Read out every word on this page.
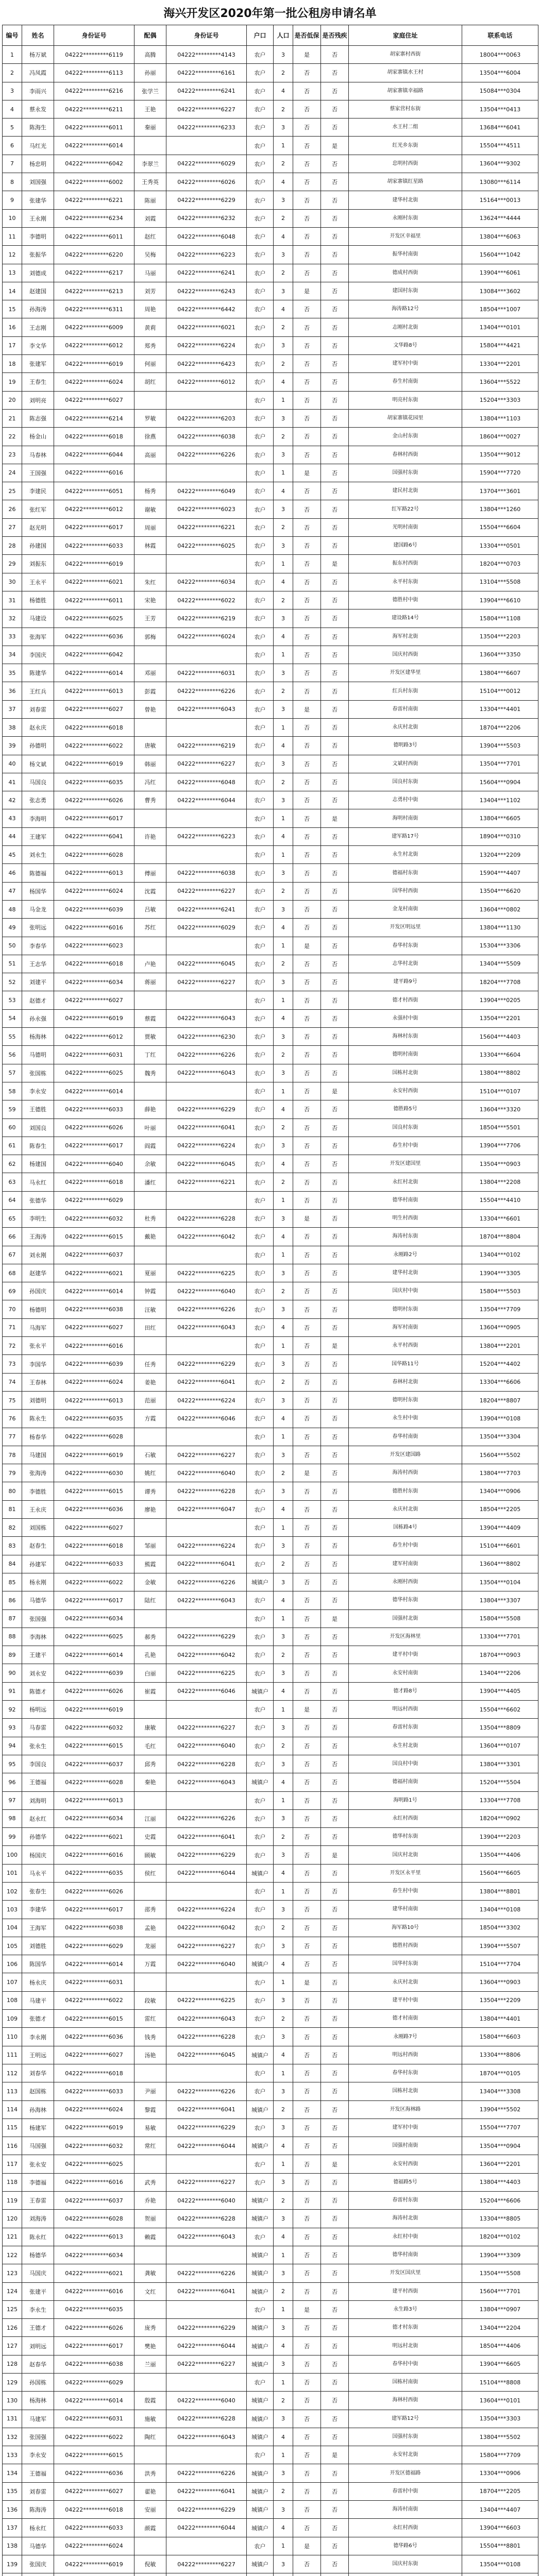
海兴开发区2020年第一批公租房申请名单
编号	姓名	身份证号	配偶	身份证号	户口	人口	是否低保	是否残疾	家庭住址	联系电话
1	杨万斌	04222*********6119	高腾	04222*********4143	农户	3	是	否	胡家寨村西街	18004***0063
2	冯凤霞	04222*********6113	孙丽	04222*********6161	农户	2	否	否	胡家寨镇水王村	13504***6004
3	李雨兴	04222*********6216	张学兰	04222*********6241	农户	4	否	否	胡家寨镇幸福路	15084***0304
4	蔡永发	04222*********6211	王艳	04222*********6227	农户	2	否	否	蔡家营村东街	13504***0413
5	陈海生	04222*********6011	秦丽	04222*********6233	农户	3	否	否	水王村二组	13684***6041
6	马红光	04222*********6014			农户	1	否	是	红光乡东街	15504***4511
7	杨忠明	04222*********6042	李翠兰	04222*********6029	农户	2	否	否	忠明村西街	13604***9302
8	刘国强	04222*********6002	王秀英	04222*********6026	农户	4	否	否	胡家寨镇红星路	13080***6114
9	张建华	04222*********6221	陈丽	04222*********6229	农户	3	否	否	建华村北街	15164***0013
10	王永刚	04222*********6234	刘霞	04222*********6232	农户	2	否	否	永刚村东街	13624***4444
11	李德明	04222*********6011	赵红	04222*********6048	农户	4	否	否	开发区幸福里	13804***6063
12	张振华	04222*********6220	吴梅	04222*********6223	农户	3	否	否	振华村南街	15604***1042
13	刘德成	04222*********6217	马丽	04222*********6241	农户	2	否	否	德成村西街	13904***6061
14	赵建国	04222*********6213	刘芳	04222*********6243	农户	3	是	否	建国村东街	13084***3602
15	孙海涛	04222*********6311	周艳	04222*********6442	农户	4	否	否	海涛路12号	18504***1007
16	王志刚	04222*********6009	黄莉	04222*********6021	农户	2	否	否	志刚村北街	13404***0101
17	李文华	04222*********6012	郑秀	04222*********6224	农户	3	否	否	文华路8号	15804***4421
18	张建军	04222*********6019	何丽	04222*********6423	农户	2	否	否	建军村中街	13304***2201
19	王春生	04222*********6024	胡红	04222*********6012	农户	4	否	否	春生村南街	13604***5522
20	刘明亮	04222*********6027			农户	1	否	否	明亮村东街	15204***3303
21	陈志强	04222*********6214	罗敏	04222*********6203	农户	3	否	否	胡家寨镇花园里	13804***1103
22	杨金山	04222*********6018	徐燕	04222*********6038	农户	2	否	否	金山村东街	18604***0027
23	马春林	04222*********6044	高丽	04222*********6226	农户	3	否	否	春林村西街	13504***9012
24	王国强	04222*********6016			农户	1	是	否	国强村东街	15904***7720
25	李建民	04222*********6051	杨秀	04222*********6049	农户	4	否	否	建民村北街	13704***3601
26	张红军	04222*********6012	谢敏	04222*********6023	农户	3	否	否	红军路22号	13804***1260
27	赵光明	04222*********6017	周丽	04222*********6221	农户	2	否	否	光明村南街	15504***6604
28	孙建国	04222*********6033	林霞	04222*********6025	农户	3	否	否	建国路6号	13304***0501
29	刘振东	04222*********6019			农户	1	否	是	振东村西街	18204***0703
30	王永平	04222*********6021	朱红	04222*********6034	农户	4	否	否	永平村东街	13104***5508
31	杨德胜	04222*********6011	宋艳	04222*********6022	农户	2	否	否	德胜村中街	13904***6610
32	马建设	04222*********6025	王芳	04222*********6219	农户	3	否	否	建设路14号	15804***1108
33	张海军	04222*********6036	郭梅	04222*********6024	农户	4	否	否	海军村北街	13504***2203
34	李国庆	04222*********6042			农户	1	否	否	国庆村西街	13604***3350
35	陈建华	04222*********6014	邓丽	04222*********6031	农户	3	否	否	开发区建华里	13804***6607
36	王红兵	04222*********6013	彭霞	04222*********6226	农户	2	否	否	红兵村东街	15104***0012
37	刘春雷	04222*********6027	曾艳	04222*********6043	农户	3	是	否	春雷村南街	13304***4401
38	赵永庆	04222*********6018			农户	1	否	否	永庆村北街	18704***2206
39	孙德明	04222*********6022	唐敏	04222*********6219	农户	4	否	否	德明路3号	13904***5503
40	杨文斌	04222*********6019	韩丽	04222*********6227	农户	3	否	否	文斌村西街	13504***7701
41	马国良	04222*********6035	冯红	04222*********6048	农户	2	否	否	国良村东街	15604***0904
42	张志勇	04222*********6026	曹秀	04222*********6044	农户	3	否	否	志勇村中街	13404***1102
43	李海明	04222*********6017			农户	1	否	是	海明村南街	13804***6605
44	王建军	04222*********6041	许艳	04222*********6223	农户	4	否	否	建军路17号	18904***0310
45	刘永生	04222*********6028			农户	1	否	否	永生村北街	13204***2209
46	陈德福	04222*********6013	傅丽	04222*********6038	农户	3	否	否	德福村东街	15904***4407
47	杨国华	04222*********6024	沈霞	04222*********6227	农户	2	否	否	国华村西街	13504***6620
48	马金龙	04222*********6039	吕敏	04222*********6241	农户	3	否	否	金龙村南街	13604***0802
49	张明远	04222*********6016	苏红	04222*********6029	农户	4	否	否	开发区明远里	13804***1130
50	李春华	04222*********6023			农户	1	是	否	春华村东街	15304***3306
51	王志华	04222*********6018	卢艳	04222*********6045	农户	2	否	否	志华村北街	13404***5509
52	刘建平	04222*********6034	蒋丽	04222*********6227	农户	3	否	否	建平路9号	18204***7708
53	赵德才	04222*********6027			农户	1	否	否	德才村西街	13904***0205
54	孙永强	04222*********6019	蔡霞	04222*********6043	农户	4	否	否	永强村中街	13504***2201
55	杨海林	04222*********6012	贾敏	04222*********6230	农户	3	否	否	海林村东街	15604***4403
56	马德明	04222*********6031	丁红	04222*********6226	农户	2	否	否	德明村南街	13304***6604
57	张国栋	04222*********6025	魏秀	04222*********6043	农户	3	否	否	国栋村北街	13804***8802
58	李永安	04222*********6014			农户	1	否	是	永安村西街	15104***0107
59	王德胜	04222*********6033	薛艳	04222*********6229	农户	4	否	否	德胜路5号	13604***3320
60	刘国良	04222*********6026	叶丽	04222*********6041	农户	2	否	否	国良村东街	18504***5501
61	陈春生	04222*********6017	阎霞	04222*********6224	农户	3	否	否	春生村中街	13904***7706
62	杨建国	04222*********6040	余敏	04222*********6045	农户	4	否	否	开发区建国里	13504***0903
63	马永红	04222*********6018	潘红	04222*********6221	农户	2	否	否	永红村北街	13804***2208
64	张德华	04222*********6029			农户	1	否	否	德华村南街	15504***4410
65	李明生	04222*********6032	杜秀	04222*********6228	农户	3	是	否	明生村西街	13304***6601
66	王海涛	04222*********6015	戴艳	04222*********6042	农户	4	否	否	海涛村东街	18704***8804
67	刘永刚	04222*********6037			农户	1	否	否	永刚路2号	13404***0102
68	赵建华	04222*********6021	夏丽	04222*********6225	农户	3	否	否	建华村北街	13904***3305
69	孙国庆	04222*********6014	钟霞	04222*********6040	农户	2	否	否	国庆村中街	15804***5503
70	杨德明	04222*********6038	汪敏	04222*********6226	农户	3	否	否	德明村东街	13504***7709
71	马海军	04222*********6027	田红	04222*********6043	农户	4	否	否	海军村南街	13604***0905
72	张永平	04222*********6016			农户	1	否	是	永平村西街	13804***2201
73	李国华	04222*********6039	任秀	04222*********6229	农户	3	否	否	国华路11号	15204***4402
74	王春林	04222*********6024	姜艳	04222*********6041	农户	2	否	否	春林村北街	13304***6606
75	刘德明	04222*********6013	范丽	04222*********6224	农户	3	否	否	德明村东街	18204***8807
76	陈永生	04222*********6035	方霞	04222*********6046	农户	4	否	否	永生村中街	13904***0108
77	杨春华	04222*********6028			农户	1	否	否	春华村南街	13504***3304
78	马建国	04222*********6019	石敏	04222*********6227	农户	3	否	否	开发区建国路	15604***5502
79	张海涛	04222*********6030	姚红	04222*********6040	农户	2	是	否	海涛村西街	13804***7703
80	李德胜	04222*********6015	谭秀	04222*********6228	农户	3	否	否	德胜村东街	13404***0906
81	王永庆	04222*********6036	廖艳	04222*********6047	农户	4	否	否	永庆村北街	18504***2205
82	刘国栋	04222*********6027			农户	1	否	否	国栋路4号	13904***4409
83	赵春生	04222*********6018	邹丽	04222*********6224	农户	3	否	否	春生村中街	15104***6601
84	孙建军	04222*********6033	熊霞	04222*********6041	农户	2	否	否	建军村南街	13604***8802
85	杨永刚	04222*********6022	金敏	04222*********6226	城镇户	3	否	否	永刚村西街	13504***0104
86	马德华	04222*********6017	陆红	04222*********6043	农户	4	否	否	德华村东街	13804***3307
87	张国强	04222*********6034			农户	1	否	是	国强村北街	15804***5508
88	李海林	04222*********6025	郝秀	04222*********6229	农户	3	否	否	开发区海林里	13304***7701
89	王建平	04222*********6014	孔艳	04222*********6042	农户	2	否	否	建平村中街	18704***0903
90	刘永安	04222*********6039	白丽	04222*********6225	农户	3	否	否	永安村南街	13404***2206
91	陈德才	04222*********6026	崔霞	04222*********6046	城镇户	4	否	否	德才路8号	13904***4405
92	杨明远	04222*********6019			农户	1	是	否	明远村西街	15504***6602
93	马春雷	04222*********6032	康敏	04222*********6227	农户	3	否	否	春雷村东街	13504***8809
94	张永生	04222*********6015	毛红	04222*********6040	农户	2	否	否	永生村北街	13604***0107
95	李国良	04222*********6037	邱秀	04222*********6228	农户	3	否	否	国良村中街	13804***3301
96	王德福	04222*********6028	秦艳	04222*********6043	城镇户	4	否	否	德福村南街	15204***5504
97	刘海明	04222*********6013			农户	1	否	否	海明路1号	13304***7708
98	赵永红	04222*********6034	江丽	04222*********6226	农户	3	否	否	永红村西街	18204***0902
99	孙德华	04222*********6021	史霞	04222*********6041	农户	2	否	否	德华村东街	13904***2203
100	杨国庆	04222*********6016	顾敏	04222*********6229	农户	3	否	是	国庆村北街	13504***4406
101	马永平	04222*********6035	侯红	04222*********6044	城镇户	4	否	否	开发区永平里	15604***6605
102	张春生	04222*********6026			农户	1	否	否	春生村中街	13804***8801
103	李建华	04222*********6017	邵秀	04222*********6224	农户	3	否	否	建华村南街	13404***0108
104	王海军	04222*********6038	孟艳	04222*********6042	农户	2	否	否	海军路10号	18504***3302
105	刘德胜	04222*********6029	龙丽	04222*********6227	农户	3	否	否	德胜村西街	13904***5507
106	陈国华	04222*********6014	万霞	04222*********6040	城镇户	4	否	否	国华村东街	15104***7704
107	杨永庆	04222*********6031			农户	1	是	否	永庆村北街	13604***0903
108	马建平	04222*********6022	段敏	04222*********6225	农户	3	否	否	建平村中街	13504***2209
109	张德才	04222*********6015	雷红	04222*********6043	农户	2	否	否	德才村南街	13804***4401
110	李永刚	04222*********6036	钱秀	04222*********6228	农户	3	否	否	永刚路7号	15804***6603
111	王明远	04222*********6027	汤艳	04222*********6045	城镇户	4	否	否	明远村西街	13304***8806
112	刘春华	04222*********6018			农户	1	否	否	春华村东街	18704***0105
113	赵国栋	04222*********6033	尹丽	04222*********6226	农户	3	否	否	国栋村北街	13404***3308
114	孙海林	04222*********6024	黎霞	04222*********6041	城镇户	2	否	否	开发区海林路	13904***5502
115	杨建军	04222*********6019	易敏	04222*********6229	农户	3	否	否	建军村中街	15504***7707
116	马国强	04222*********6032	常红	04222*********6044	城镇户	4	否	否	国强村南街	13504***0904
117	张永安	04222*********6025			农户	1	否	是	永安村西街	13604***2201
118	李德福	04222*********6016	武秀	04222*********6227	农户	3	否	否	德福路5号	13804***4403
119	王春雷	04222*********6037	乔艳	04222*********6040	城镇户	2	否	否	春雷村东街	15204***6606
120	刘海涛	04222*********6028	贺丽	04222*********6228	城镇户	3	否	否	海涛村北街	13304***8805
121	陈永红	04222*********6013	赖霞	04222*********6043	农户	4	否	否	永红村中街	18204***0102
122	杨德华	04222*********6034			城镇户	1	否	否	德华村南街	13904***3309
123	马国庆	04222*********6021	龚敏	04222*********6226	城镇户	3	否	否	开发区国庆里	13504***5508
124	张建平	04222*********6016	文红	04222*********6041	城镇户	2	否	否	建平村西街	15604***7701
125	李永生	04222*********6035			农户	1	是	否	永生路3号	13804***0907
126	王德才	04222*********6026	庞秀	04222*********6229	城镇户	3	否	否	德才村东街	13404***2204
127	刘明远	04222*********6017	樊艳	04222*********6044	城镇户	4	否	否	明远村北街	18504***4406
128	赵春华	04222*********6038	兰丽	04222*********6227	城镇户	3	否	否	春华村中街	13904***6605
129	孙国栋	04222*********6029			农户	1	否	否	国栋村南街	15104***8808
130	杨海林	04222*********6014	殷霞	04222*********6040	城镇户	2	否	否	海林村西街	13604***0101
131	马建军	04222*********6031	施敏	04222*********6228	城镇户	3	否	否	建军路12号	13504***3303
132	张国强	04222*********6022	陶红	04222*********6043	城镇户	4	否	否	国强村东街	13804***5502
133	李永安	04222*********6015			农户	1	否	是	永安村北街	15804***7709
134	王德福	04222*********6036	洪秀	04222*********6226	城镇户	3	否	否	开发区德福路	13304***0906
135	刘春雷	04222*********6027	翟艳	04222*********6041	城镇户	2	否	否	春雷村中街	18704***2205
136	陈海涛	04222*********6018	安丽	04222*********6229	城镇户	3	否	否	海涛村南街	13404***4407
137	杨永红	04222*********6033	颜霞	04222*********6044	城镇户	4	否	否	永红村西街	13904***6603
138	马德华	04222*********6024			农户	1	是	否	德华路6号	15504***8801
139	张国庆	04222*********6019	倪敏	04222*********6227	城镇户	3	否	否	国庆村东街	13504***0108
